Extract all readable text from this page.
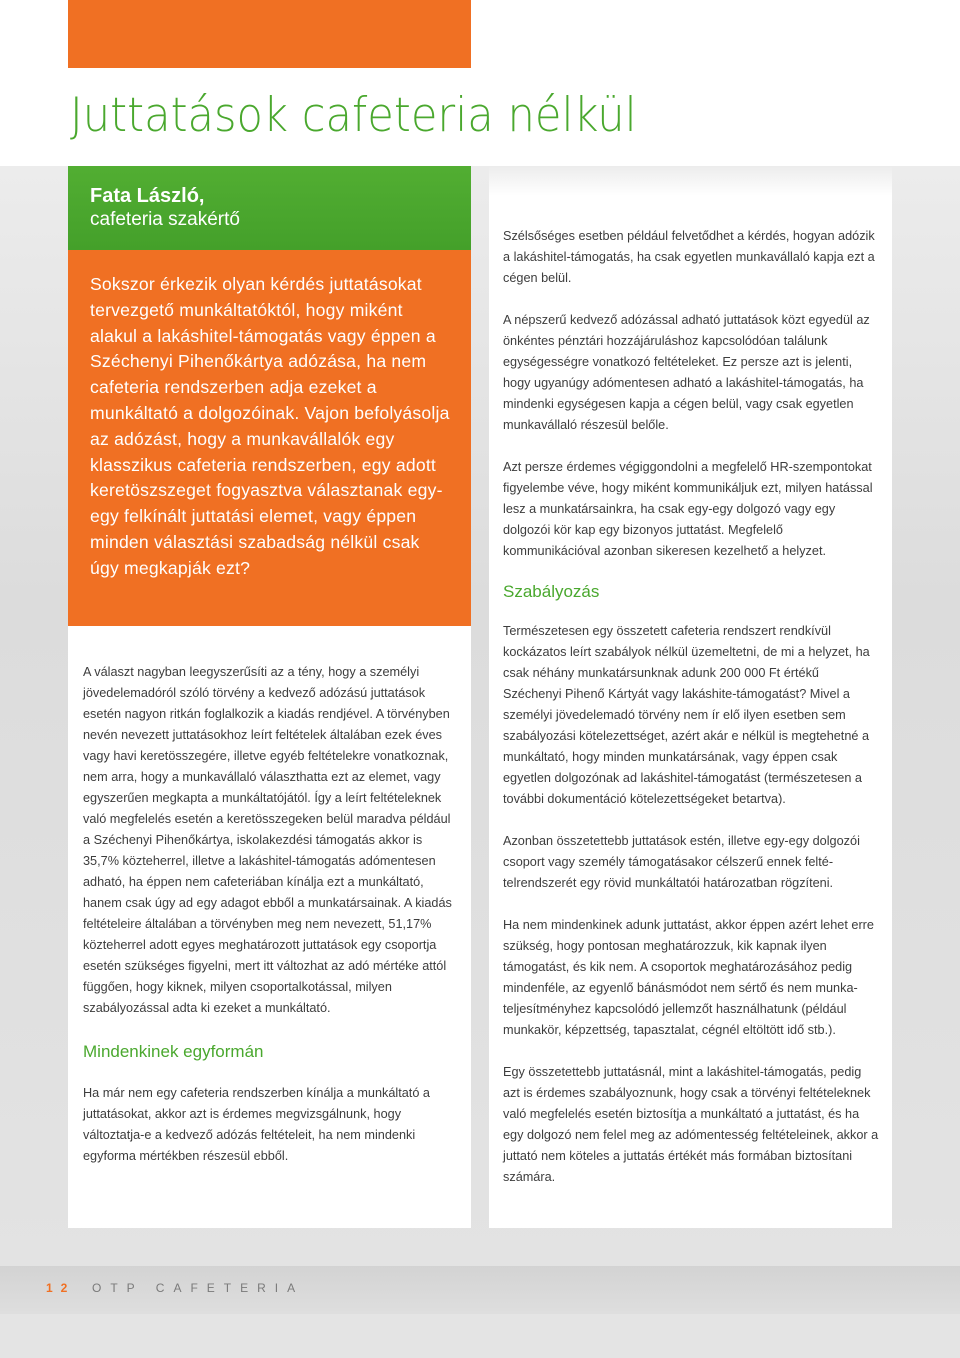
Juttatások cafeteria nélkül
Fata László,
cafeteria szakértő

Sokszor érkezik olyan kérdés juttatásokat tervezgető munkáltatóktól, hogy miként alakul a lakáshitel-támogatás vagy éppen a Széchenyi Pihenőkártya adózása, ha nem cafeteria rendszerben adja ezeket a munkáltató a dolgozóinak. Vajon befolyásolja az adózást, hogy a munkavállalók egy klasszikus cafeteria rendszerben, egy adott keretöszszeget fogyasztva választanak egy-egy felkínált juttatási elemet, vagy éppen minden választási szabadság nélkül csak úgy megkapják ezt?

A választ nagyban leegyszerűsíti az a tény, hogy a személyi jövedelemadóról szóló törvény a kedvező adózású juttatások esetén nagyon ritkán foglalkozik a kiadás rendjével. A törvényben nevén nevezett juttatásokhoz leírt feltételek általában ezek éves vagy havi keretösszegére, illetve egyéb feltételekre vonatkoznak, nem arra, hogy a munkavállaló választhatta ezt az elemet, vagy egyszerűen megkapta a munkáltatójától. Így a leírt feltételeknek való megfelelés esetén a keretösszegeken belül maradva például a Széchenyi Pihenőkártya, iskolakezdési támogatás akkor is 35,7% közteherrel, illetve a lakáshitel-támogatás adómentesen adható, ha éppen nem cafeteriában kínálja ezt a munkáltató, hanem csak úgy ad egy adagot ebből a munkatársainak. A kiadás feltételeire általában a törvényben meg nem nevezett, 51,17% közteherrel adott egyes meghatározott juttatások egy csoportja esetén szükséges figyelni, mert itt változhat az adó mértéke attól függően, hogy kiknek, milyen csoportalkotással, milyen szabályozással adta ki ezeket a munkáltató.

Mindenkinek egyformán

Ha már nem egy cafeteria rendszerben kínálja a munkáltató a juttatásokat, akkor azt is érdemes megvizsgálnunk, hogy változtatja-e a kedvező adózás feltételeit, ha nem mindenki egyforma mértékben részesül ebből.

Szélsőséges esetben például felvetődhet a kérdés, hogyan adózik a lakáshitel-támogatás, ha csak egyetlen munkavállaló kapja ezt a cégen belül.

A népszerű kedvező adózással adható juttatások közt egyedül az önkéntes pénztári hozzájáruláshoz kapcsolódóan találunk egységességre vonatkozó feltételeket. Ez persze azt is jelenti, hogy ugyanúgy adómentesen adható a lakáshitel-támogatás, ha mindenki egységesen kapja a cégen belül, vagy csak egyetlen munkavállaló részesül belőle.

Azt persze érdemes végiggondolni a megfelelő HR-szempontokat figyelembe véve, hogy miként kommunikáljuk ezt, milyen hatással lesz a munkatársainkra, ha csak egy-egy dolgozó vagy egy dolgozói kör kap egy bizonyos juttatást. Megfelelő kommunikációval azonban sikeresen kezelhető a helyzet.

Szabályozás

Természetesen egy összetett cafeteria rendszert rendkívül kockázatos leírt szabályok nélkül üzemeltetni, de mi a helyzet, ha csak néhány munkatársunknak adunk 200 000 Ft értékű Széchenyi Pihenő Kártyát vagy lakáshite-támogatást? Mivel a személyi jövedelemadó törvény nem ír elő ilyen esetben sem szabályozási kötelezettséget, azért akár e nélkül is megtehetné a munkáltató, hogy minden munkatársának, vagy éppen csak egyetlen dolgozónak ad lakáshitel-támogatást (természetesen a további dokumentáció kötelezettségeket betartva).

Azonban összetettebb juttatások estén, illetve egy-egy dolgozói csoport vagy személy támogatásakor célszerű ennek feltételrendszerét egy rövid munkáltatói határozatban rögzíteni.

Ha nem mindenkinek adunk juttatást, akkor éppen azért lehet erre szükség, hogy pontosan meghatározzuk, kik kapnak ilyen támogatást, és kik nem. A csoportok meghatározásához pedig mindenféle, az egyenlő bánásmódot nem sértő és nem munkateljesítményhez kapcsolódó jellemzőt használhatunk (például munkakör, képzettség, tapasztalat, cégnél eltöltött idő stb.).

Egy összetettebb juttatásnál, mint a lakáshitel-támogatás, pedig azt is érdemes szabályoznunk, hogy csak a törvényi feltételeknek való megfelelés esetén biztosítja a munkáltató a juttatást, és ha egy dolgozó nem felel meg az adómentesség feltételeinek, akkor a juttató nem köteles a juttatás értékét más formában biztosítani számára.

12 OTP CAFETERIA
